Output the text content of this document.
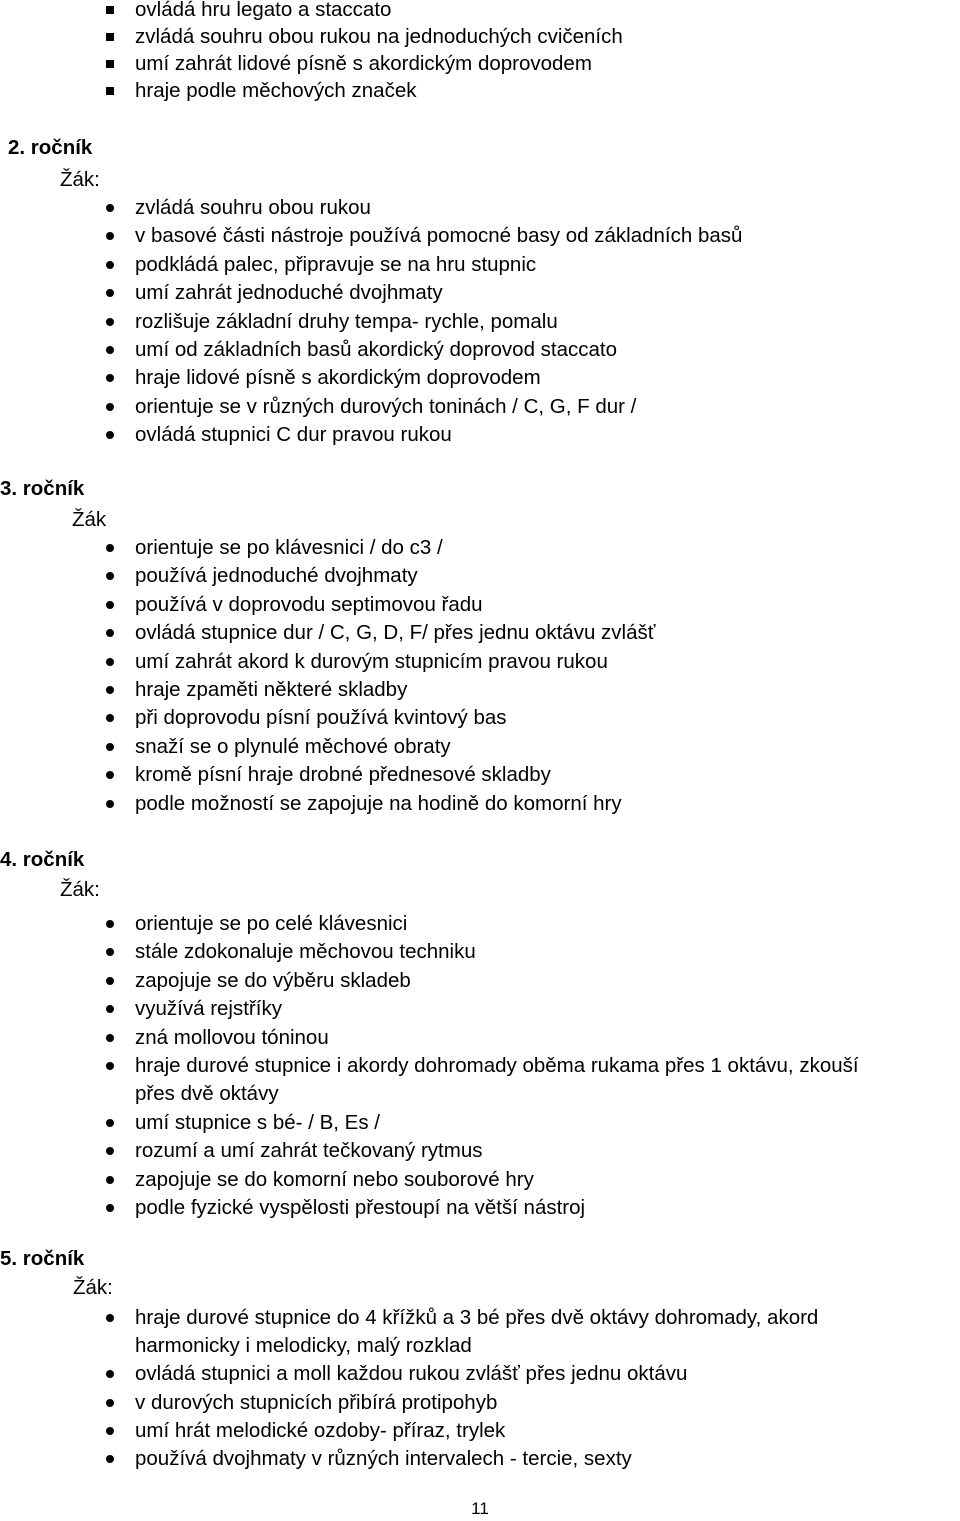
ovládá hru legato a staccato
zvládá souhru obou rukou na jednoduchých cvičeních
umí zahrát lidové písně s akordickým doprovodem
hraje podle měchových značek
2. ročník
Žák:
zvládá souhru obou rukou
v basové části nástroje používá pomocné basy od základních basů
podkládá palec, připravuje se na hru stupnic
umí zahrát jednoduché dvojhmaty
rozlišuje základní druhy tempa- rychle, pomalu
umí od základních basů akordický doprovod staccato
hraje lidové písně s akordickým doprovodem
orientuje se v různých durových toninách / C, G, F dur /
ovládá stupnici C dur pravou rukou
3. ročník
Žák
orientuje se po klávesnici / do c3 /
používá jednoduché dvojhmaty
používá v doprovodu septimovou řadu
ovládá stupnice dur / C, G, D, F/ přes jednu oktávu zvlášť
umí zahrát akord k durovým stupnicím pravou rukou
hraje zpaměti některé skladby
při doprovodu písní používá kvintový bas
snaží se o plynulé měchové obraty
kromě písní hraje drobné přednesové skladby
podle možností se zapojuje na hodině do komorní hry
4. ročník
Žák:
orientuje se po celé klávesnici
stále zdokonaluje měchovou techniku
zapojuje se do výběru skladeb
využívá rejstříky
zná mollovou tóninou
hraje durové stupnice i akordy dohromady oběma rukama přes 1 oktávu, zkouší
přes dvě oktávy
umí stupnice s bé- / B, Es /
rozumí a umí zahrát tečkovaný rytmus
zapojuje se do komorní nebo souborové hry
podle fyzické vyspělosti přestoupí na větší nástroj
5. ročník
Žák:
hraje durové stupnice do 4 křížků a 3 bé přes dvě oktávy dohromady, akord
harmonicky i melodicky, malý rozklad
ovládá stupnici a moll každou rukou zvlášť přes jednu oktávu
v durových stupnicích přibírá protipohyb
umí hrát melodické ozdoby- příraz, trylek
používá dvojhmaty v různých intervalech - tercie, sexty
11
